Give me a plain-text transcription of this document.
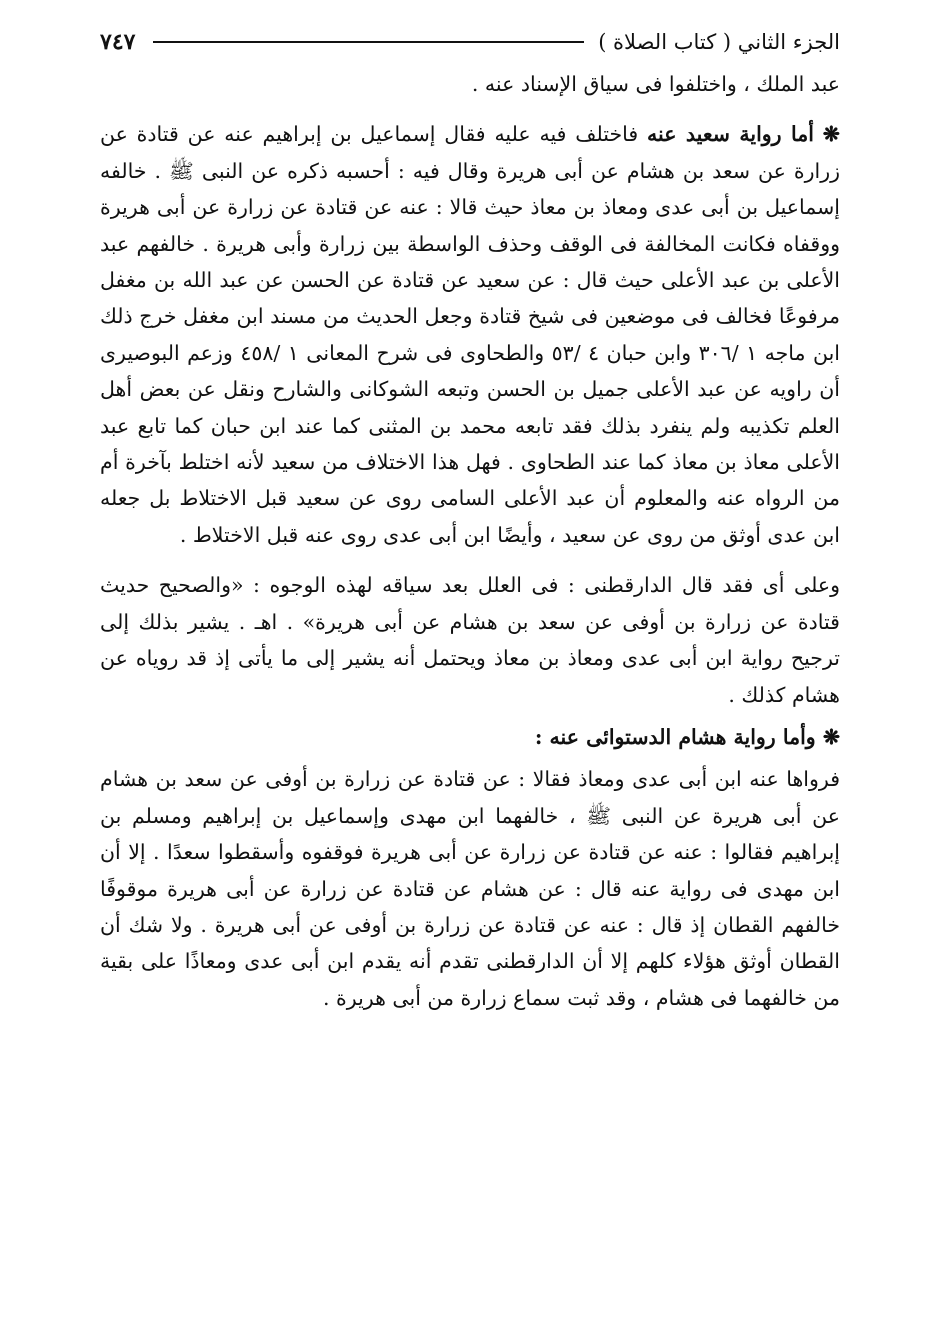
الجزء الثاني ( كتاب الصلاة )
٧٤٧

عبد الملك ، واختلفوا فى سياق الإسناد عنه .

❋ أما رواية سعيد عنه فاختلف فيه عليه فقال إسماعيل بن إبراهيم عنه عن قتادة عن زرارة عن سعد بن هشام عن أبى هريرة وقال فيه : أحسبه ذكره عن النبى ﷺ . خالفه إسماعيل بن أبى عدى ومعاذ بن معاذ حيث قالا : عنه عن قتادة عن زرارة عن أبى هريرة ووقفاه فكانت المخالفة فى الوقف وحذف الواسطة بين زرارة وأبى هريرة . خالفهم عبد الأعلى بن عبد الأعلى حيث قال : عن سعيد عن قتادة عن الحسن عن عبد الله بن مغفل مرفوعًا فخالف فى موضعين فى شيخ قتادة وجعل الحديث من مسند ابن مغفل خرج ذلك ابن ماجه ١ /٣٠٦ وابن حبان ٤ /٥٣ والطحاوى فى شرح المعانى ١ /٤٥٨ وزعم البوصيرى أن راويه عن عبد الأعلى جميل بن الحسن وتبعه الشوكانى والشارح ونقل عن بعض أهل العلم تكذيبه ولم ينفرد بذلك فقد تابعه محمد بن المثنى كما عند ابن حبان كما تابع عبد الأعلى معاذ بن معاذ كما عند الطحاوى . فهل هذا الاختلاف من سعيد لأنه اختلط بآخرة أم من الرواه عنه والمعلوم أن عبد الأعلى السامى روى عن سعيد قبل الاختلاط بل جعله ابن عدى أوثق من روى عن سعيد ، وأيضًا ابن أبى عدى روى عنه قبل الاختلاط .

وعلى أى فقد قال الدارقطنى : فى العلل بعد سياقه لهذه الوجوه : «والصحيح حديث قتادة عن زرارة بن أوفى عن سعد بن هشام عن أبى هريرة» . اهـ . يشير بذلك إلى ترجيح رواية ابن أبى عدى ومعاذ بن معاذ ويحتمل أنه يشير إلى ما يأتى إذ قد روياه عن هشام كذلك .

❋ وأما رواية هشام الدستوائى عنه :

فرواها عنه ابن أبى عدى ومعاذ فقالا : عن قتادة عن زرارة بن أوفى عن سعد بن هشام عن أبى هريرة عن النبى ﷺ ، خالفهما ابن مهدى وإسماعيل بن إبراهيم ومسلم بن إبراهيم فقالوا : عنه عن قتادة عن زرارة عن أبى هريرة فوقفوه وأسقطوا سعدًا . إلا أن ابن مهدى فى رواية عنه قال : عن هشام عن قتادة عن زرارة عن أبى هريرة موقوفًا خالفهم القطان إذ قال : عنه عن قتادة عن زرارة بن أوفى عن أبى هريرة . ولا شك أن القطان أوثق هؤلاء كلهم إلا أن الدارقطنى تقدم أنه يقدم ابن أبى عدى ومعاذًا على بقية من خالفهما فى هشام ، وقد ثبت سماع زرارة من أبى هريرة .
